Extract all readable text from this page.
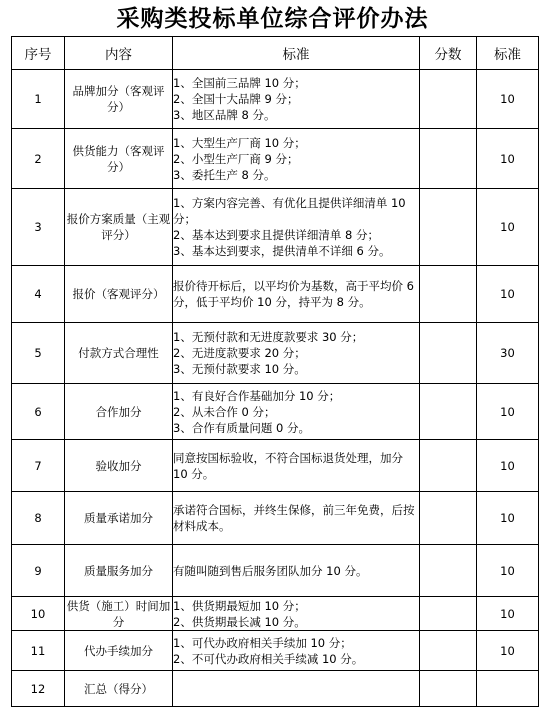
采购类投标单位综合评价办法
序号	内容	标准	分数	标准
1	品牌加分（客观评分）	1、全国前三品牌 10 分；
2、全国十大品牌 9 分；
3、地区品牌 8 分。		10
2	供货能力（客观评分）	1、大型生产厂商 10 分；
2、小型生产厂商 9 分；
3、委托生产 8 分。		10
3	报价方案质量（主观评分）	1、方案内容完善、有优化且提供详细清单 10 分；
2、基本达到要求且提供详细清单 8 分；
3、基本达到要求，提供清单不详细 6 分。		10
4	报价（客观评分）	报价待开标后，以平均价为基数，高于平均价 6 分，低于平均价 10 分，持平为 8 分。		10
5	付款方式合理性	1、无预付款和无进度款要求 30 分；
2、无进度款要求 20 分；
3、无预付款要求 10 分。		30
6	合作加分	1、有良好合作基础加分 10 分；
2、从未合作 0 分；
3、合作有质量问题 0 分。		10
7	验收加分	同意按国标验收，不符合国标退货处理，加分 10 分。		10
8	质量承诺加分	承诺符合国标，并终生保修，前三年免费，后按材料成本。		10
9	质量服务加分	有随叫随到售后服务团队加分 10 分。		10
10	供货（施工）时间加分	1、供货期最短加 10 分；
2、供货期最长减 10 分。		10
11	代办手续加分	1、可代办政府相关手续加 10 分；
2、不可代办政府相关手续减 10 分。		10
12	汇总（得分）			
